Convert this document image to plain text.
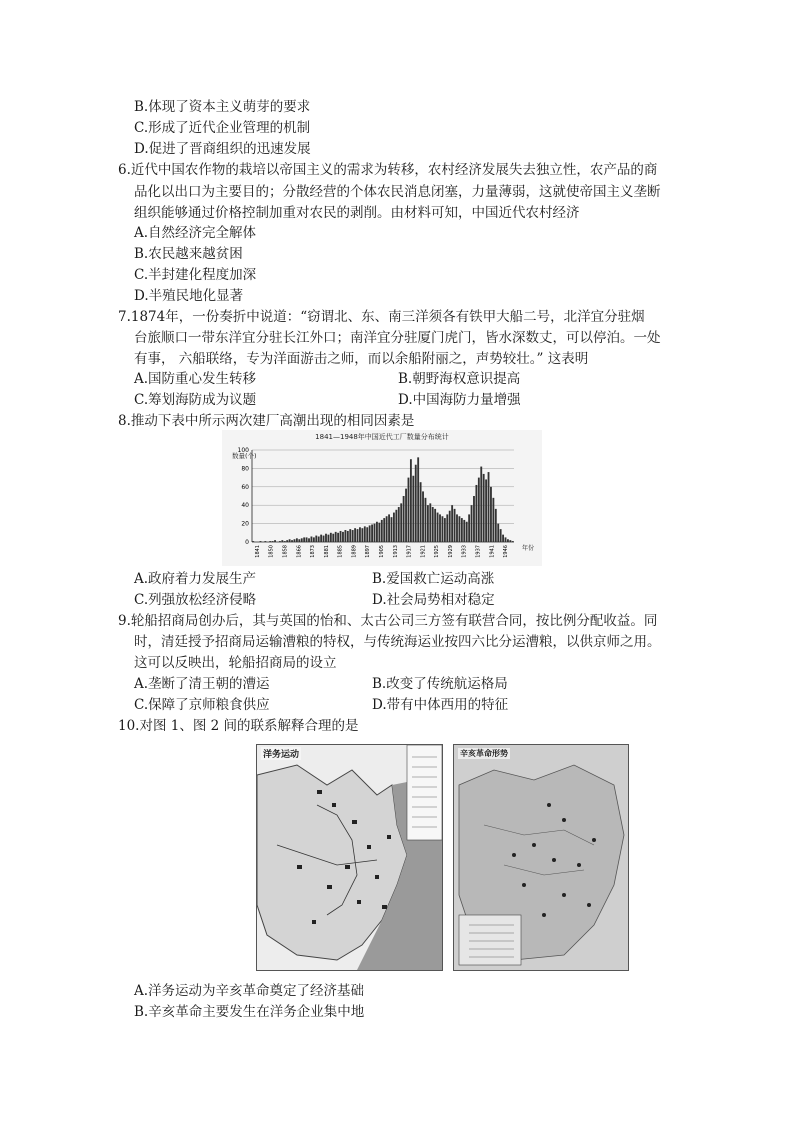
B.体现了资本主义萌芽的要求
C.形成了近代企业管理的机制
D.促进了晋商组织的迅速发展
6.近代中国农作物的栽培以帝国主义的需求为转移，农村经济发展失去独立性，农产品的商
品化以出口为主要目的；分散经营的个体农民消息闭塞，力量薄弱，这就使帝国主义垄断
组织能够通过价格控制加重对农民的剥削。由材料可知，中国近代农村经济
A.自然经济完全解体
B.农民越来越贫困
C.半封建化程度加深
D.半殖民地化显著
7.1874年，一份奏折中说道：“窃谓北、东、南三洋须各有铁甲大船二号，北洋宜分驻烟
台旅顺口一带东洋宜分驻长江外口；南洋宜分驻厦门虎门，皆水深数丈，可以停泊。一处
有事， 六船联络，专为洋面游击之师，而以余船附丽之，声势较壮。” 这表明
A.国防重心发生转移	B.朝野海权意识提高
C.筹划海防成为议题	D.中国海防力量增强
8.推动下表中所示两次建厂高潮出现的相同因素是
1841—1948年中国近代工厂数量分布统计
数量(个)
年份
0
20
40
60
80
100
1841 1850 1858 1866 1873 1881 1885 1889 1897 1905 1913 1917 1921 1925 1929 1933 1937 1941 1946
A.政府着力发展生产	B.爱国救亡运动高涨
C.列强放松经济侵略	D.社会局势相对稳定
9.轮船招商局创办后，其与英国的怡和、太古公司三方签有联营合同，按比例分配收益。同
时，清廷授予招商局运输漕粮的特权，与传统海运业按四六比分运漕粮，以供京师之用。
这可以反映出，轮船招商局的设立
A.垄断了清王朝的漕运	B.改变了传统航运格局
C.保障了京师粮食供应	D.带有中体西用的特征
10.对图 1、图 2 间的联系解释合理的是
洋务运动	辛亥革命形势
A.洋务运动为辛亥革命奠定了经济基础
B.辛亥革命主要发生在洋务企业集中地
